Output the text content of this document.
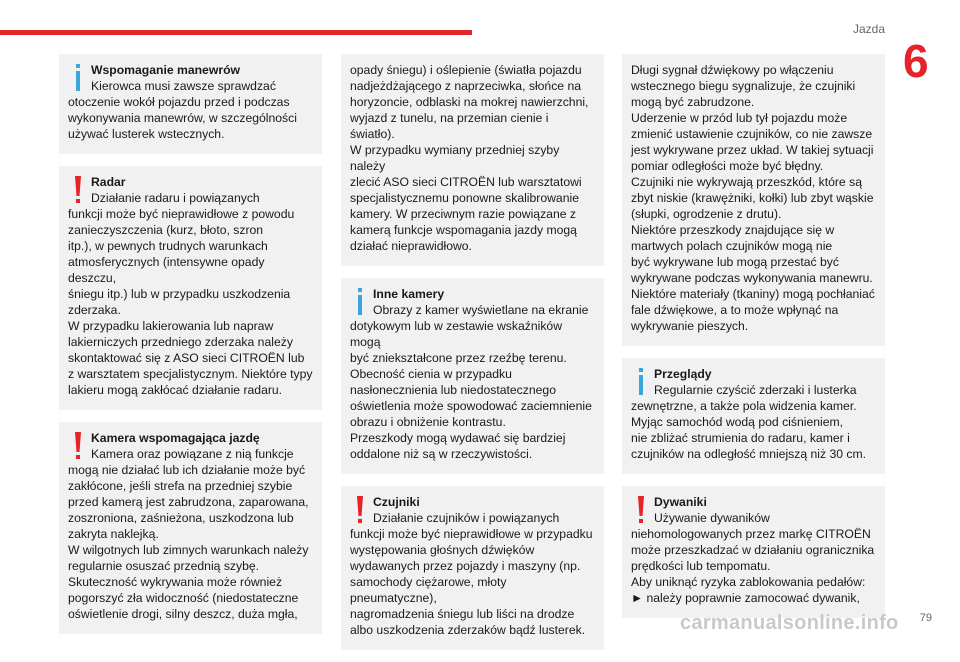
Jazda
6
Wspomaganie manewrów
Kierowca musi zawsze sprawdzać
otoczenie wokół pojazdu przed i podczas
wykonywania manewrów, w szczególności
używać lusterek wstecznych.
Radar
Działanie radaru i powiązanych
funkcji może być nieprawidłowe z powodu
zanieczyszczenia (kurz, błoto, szron
itp.), w pewnych trudnych warunkach
atmosferycznych (intensywne opady deszczu,
śniegu itp.) lub w przypadku uszkodzenia
zderzaka.
W przypadku lakierowania lub napraw
lakierniczych przedniego zderzaka należy
skontaktować się z ASO sieci CITROËN lub
z warsztatem specjalistycznym. Niektóre typy
lakieru mogą zakłócać działanie radaru.
Kamera wspomagająca jazdę
Kamera oraz powiązane z nią funkcje
mogą nie działać lub ich działanie może być
zakłócone, jeśli strefa na przedniej szybie
przed kamerą jest zabrudzona, zaparowana,
zoszroniona, zaśnieżona, uszkodzona lub
zakryta naklejką.
W wilgotnych lub zimnych warunkach należy
regularnie osuszać przednią szybę.
Skuteczność wykrywania może również
pogorszyć zła widoczność (niedostateczne
oświetlenie drogi, silny deszcz, duża mgła,
opady śniegu) i oślepienie (światła pojazdu
nadjeżdżającego z naprzeciwka, słońce na
horyzoncie, odblaski na mokrej nawierzchni,
wyjazd z tunelu, na przemian cienie i światło).
W przypadku wymiany przedniej szyby należy
zlecić ASO sieci CITROËN lub warsztatowi
specjalistycznemu ponowne skalibrowanie
kamery. W przeciwnym razie powiązane z
kamerą funkcje wspomagania jazdy mogą
działać nieprawidłowo.
Inne kamery
Obrazy z kamer wyświetlane na ekranie
dotykowym lub w zestawie wskaźników mogą
być zniekształcone przez rzeźbę terenu.
Obecność cienia w przypadku
nasłonecznienia lub niedostatecznego
oświetlenia może spowodować zaciemnienie
obrazu i obniżenie kontrastu.
Przeszkody mogą wydawać się bardziej
oddalone niż są w rzeczywistości.
Czujniki
Działanie czujników i powiązanych
funkcji może być nieprawidłowe w przypadku
występowania głośnych dźwięków
wydawanych przez pojazdy i maszyny (np.
samochody ciężarowe, młoty pneumatyczne),
nagromadzenia śniegu lub liści na drodze
albo uszkodzenia zderzaków bądź lusterek.
Długi sygnał dźwiękowy po włączeniu
wstecznego biegu sygnalizuje, że czujniki
mogą być zabrudzone.
Uderzenie w przód lub tył pojazdu może
zmienić ustawienie czujników, co nie zawsze
jest wykrywane przez układ. W takiej sytuacji
pomiar odległości może być błędny.
Czujniki nie wykrywają przeszkód, które są
zbyt niskie (krawężniki, kołki) lub zbyt wąskie
(słupki, ogrodzenie z drutu).
Niektóre przeszkody znajdujące się w
martwych polach czujników mogą nie
być wykrywane lub mogą przestać być
wykrywane podczas wykonywania manewru.
Niektóre materiały (tkaniny) mogą pochłaniać
fale dźwiękowe, a to może wpłynąć na
wykrywanie pieszych.
Przeglądy
Regularnie czyścić zderzaki i lusterka
zewnętrzne, a także pola widzenia kamer.
Myjąc samochód wodą pod ciśnieniem,
nie zbliżać strumienia do radaru, kamer i
czujników na odległość mniejszą niż 30 cm.
Dywaniki
Używanie dywaników
niehomologowanych przez markę CITROËN
może przeszkadzać w działaniu ogranicznika
prędkości lub tempomatu.
Aby uniknąć ryzyka zablokowania pedałów:
► należy poprawnie zamocować dywanik,
carmanualsonline.info 79
